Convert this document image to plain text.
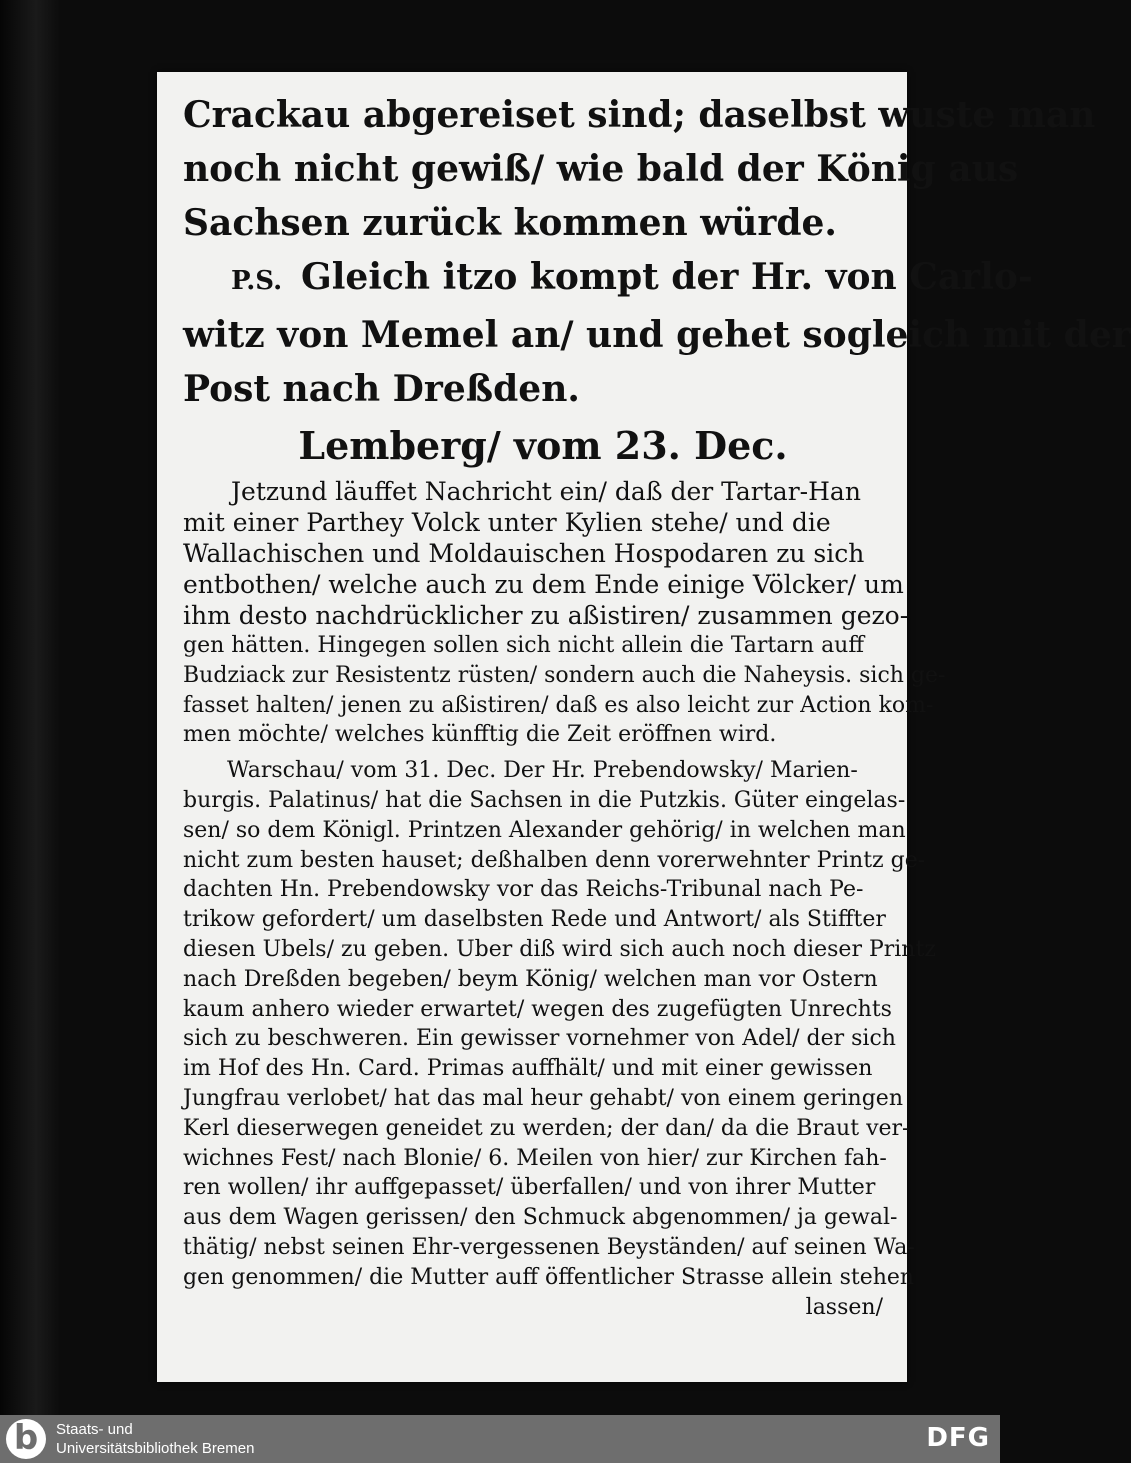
Crackau abgereiset sind; daselbst wuste man
noch nicht gewiß/ wie bald der König aus
Sachsen zurück kommen würde.
P.S. Gleich itzo kompt der Hr. von Carlo-
witz von Memel an/ und gehet sogleich mit der
Post nach Dreßden.
Lemberg/ vom 23. Dec.
Jetzund läuffet Nachricht ein/ daß der Tartar-Han
mit einer Parthey Volck unter Kylien stehe/ und die
Wallachischen und Moldauischen Hospodaren zu sich
entbothen/ welche auch zu dem Ende einige Völcker/ um
ihm desto nachdrücklicher zu aßistiren/ zusammen gezo-
gen hätten. Hingegen sollen sich nicht allein die Tartarn auff
Budziack zur Resistentz rüsten/ sondern auch die Naheysis. sich ge-
fasset halten/ jenen zu aßistiren/ daß es also leicht zur Action kom-
men möchte/ welches künfftig die Zeit eröffnen wird.
Warschau/ vom 31. Dec. Der Hr. Prebendowsky/ Marien-
burgis. Palatinus/ hat die Sachsen in die Putzkis. Güter eingelas-
sen/ so dem Königl. Printzen Alexander gehörig/ in welchen man
nicht zum besten hauset; deßhalben denn vorerwehnter Printz ge-
dachten Hn. Prebendowsky vor das Reichs-Tribunal nach Pe-
trikow gefordert/ um daselbsten Rede und Antwort/ als Stiffter
diesen Ubels/ zu geben. Uber diß wird sich auch noch dieser Printz
nach Dreßden begeben/ beym König/ welchen man vor Ostern
kaum anhero wieder erwartet/ wegen des zugefügten Unrechts
sich zu beschweren. Ein gewisser vornehmer von Adel/ der sich
im Hof des Hn. Card. Primas auffhält/ und mit einer gewissen
Jungfrau verlobet/ hat das mal heur gehabt/ von einem geringen
Kerl dieserwegen geneidet zu werden; der dan/ da die Braut ver-
wichnes Fest/ nach Blonie/ 6. Meilen von hier/ zur Kirchen fah-
ren wollen/ ihr auffgepasset/ überfallen/ und von ihrer Mutter
aus dem Wagen gerissen/ den Schmuck abgenommen/ ja gewal-
thätig/ nebst seinen Ehr-vergessenen Beyständen/ auf seinen Wa-
gen genommen/ die Mutter auff öffentlicher Strasse allein stehen
lassen/
b	Staats- und
Universitätsbibliothek Bremen	DFG
